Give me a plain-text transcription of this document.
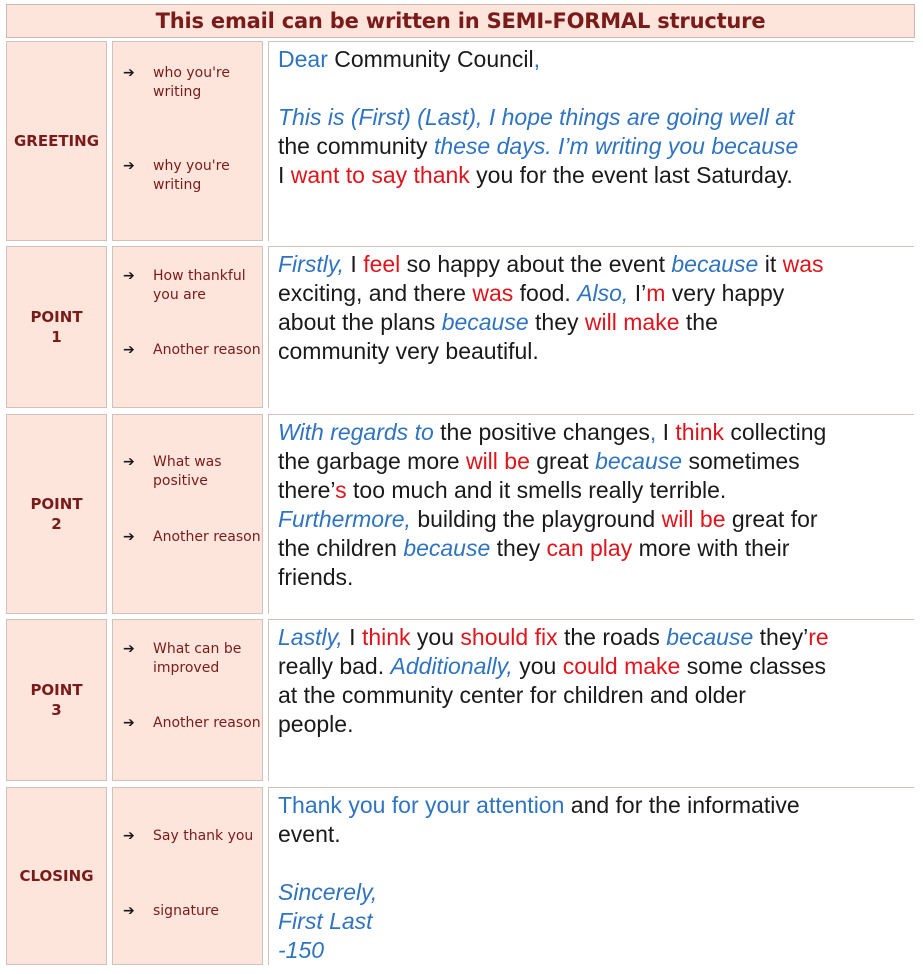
This email can be written in SEMI-FORMAL structure
GREETING
➔ who you're writing
➔ why you're writing
Dear Community Council,

This is (First) (Last), I hope things are going well at
the community these days. I’m writing you because
I want to say thank you for the event last Saturday.
POINT
1
➔ How thankful you are
➔ Another reason
Firstly, I feel so happy about the event because it was
exciting, and there was food. Also, I’m very happy
about the plans because they will make the
community very beautiful.
POINT
2
➔ What was positive
➔ Another reason
With regards to the positive changes, I think collecting
the garbage more will be great because sometimes
there’s too much and it smells really terrible.
Furthermore, building the playground will be great for
the children because they can play more with their
friends.
POINT
3
➔ What can be improved
➔ Another reason
Lastly, I think you should fix the roads because they’re
really bad. Additionally, you could make some classes
at the community center for children and older
people.
CLOSING
➔ Say thank you
➔ signature
Thank you for your attention and for the informative
event.

Sincerely,
First Last
-150
